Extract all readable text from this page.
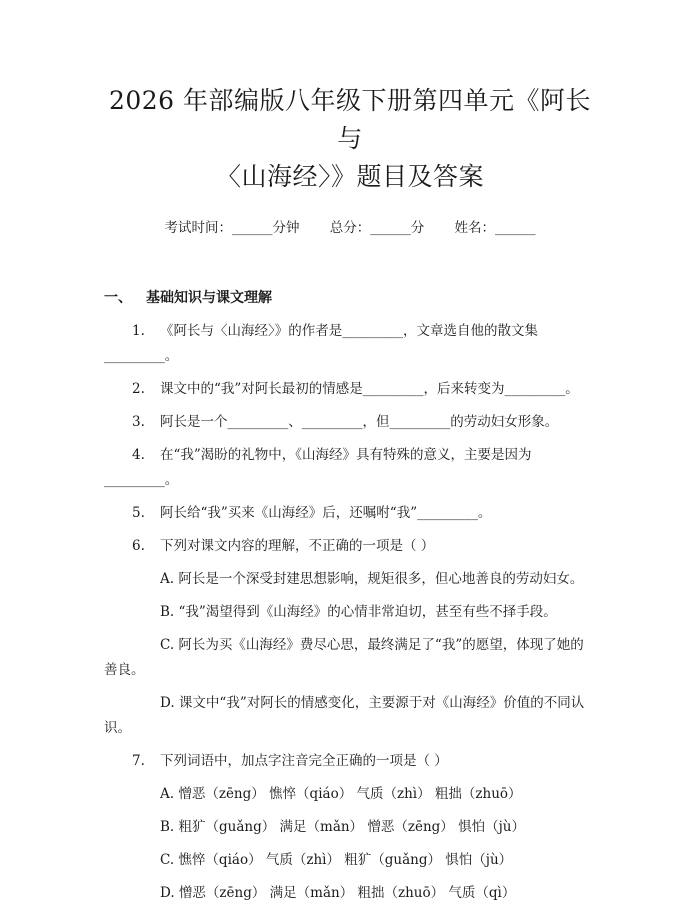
2026 年部编版八年级下册第四单元《阿长与
〈山海经〉》题目及答案
考试时间：______分钟 总分：______分 姓名：______
一、 基础知识与课文理解

1. 《阿长与〈山海经〉》的作者是_________，文章选自他的散文集_________。

2. 课文中的“我”对阿长最初的情感是_________，后来转变为_________。

3. 阿长是一个_________、_________，但_________的劳动妇女形象。

4. 在“我”渴盼的礼物中，《山海经》具有特殊的意义，主要是因为_________。

5. 阿长给“我”买来《山海经》后，还嘱咐“我”_________。

6. 下列对课文内容的理解，不正确的一项是（ ）

A. 阿长是一个深受封建思想影响，规矩很多，但心地善良的劳动妇女。

B. “我”渴望得到《山海经》的心情非常迫切，甚至有些不择手段。

C. 阿长为买《山海经》费尽心思，最终满足了“我”的愿望，体现了她的善良。

D. 课文中“我”对阿长的情感变化，主要源于对《山海经》价值的不同认识。

7. 下列词语中，加点字注音完全正确的一项是（ ）

A. 憎恶（zēng） 憔悴（qiáo） 气质（zhì） 粗拙（zhuō）

B. 粗犷（guǎng） 满足（mǎn） 憎恶（zēng） 惧怕（jù）

C. 憔悴（qiáo） 气质（zhì） 粗犷（guǎng） 惧怕（jù）

D. 憎恶（zēng） 满足（mǎn） 粗拙（zhuō） 气质（qì）
